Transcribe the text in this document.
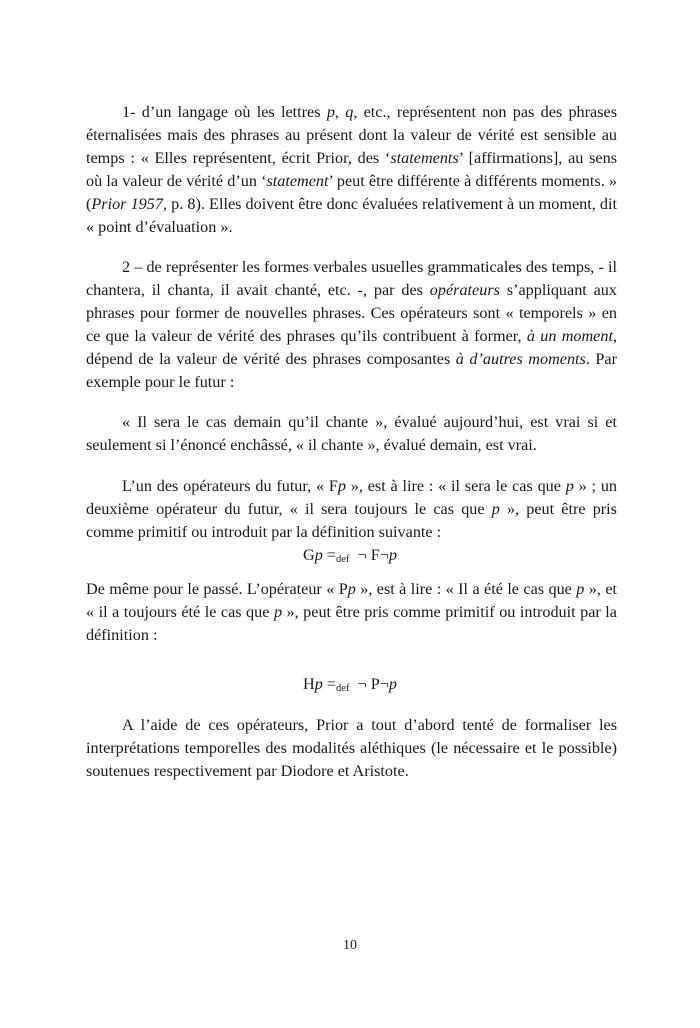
1- d’un langage où les lettres p, q, etc., représentent non pas des phrases éternalisées mais des phrases au présent dont la valeur de vérité est sensible au temps : « Elles représentent, écrit Prior, des ‘statements’ [affirmations], au sens où la valeur de vérité d’un ‘statement’ peut être différente à différents moments. » (Prior 1957, p. 8). Elles doivent être donc évaluées relativement à un moment, dit « point d’évaluation ».

2 – de représenter les formes verbales usuelles grammaticales des temps, - il chantera, il chanta, il avait chanté, etc. -, par des opérateurs s’appliquant aux phrases pour former de nouvelles phrases. Ces opérateurs sont « temporels » en ce que la valeur de vérité des phrases qu’ils contribuent à former, à un moment, dépend de la valeur de vérité des phrases composantes à d’autres moments. Par exemple pour le futur :

« Il sera le cas demain qu’il chante », évalué aujourd’hui, est vrai si et seulement si l’énoncé enchâssé, « il chante », évalué demain, est vrai.

L’un des opérateurs du futur, « Fp », est à lire : « il sera le cas que p » ; un deuxième opérateur du futur, « il sera toujours le cas que p », peut être pris comme primitif ou introduit par la définition suivante :

Gp =def  ¬ F¬p

De même pour le passé. L’opérateur « Pp », est à lire : « Il a été le cas que p », et « il a toujours été le cas que p », peut être pris comme primitif ou introduit par la définition :

Hp =def  ¬ P¬p

A l’aide de ces opérateurs, Prior a tout d’abord tenté de formaliser les interprétations temporelles des modalités aléthiques (le nécessaire et le possible) soutenues respectivement par Diodore et Aristote.

10
